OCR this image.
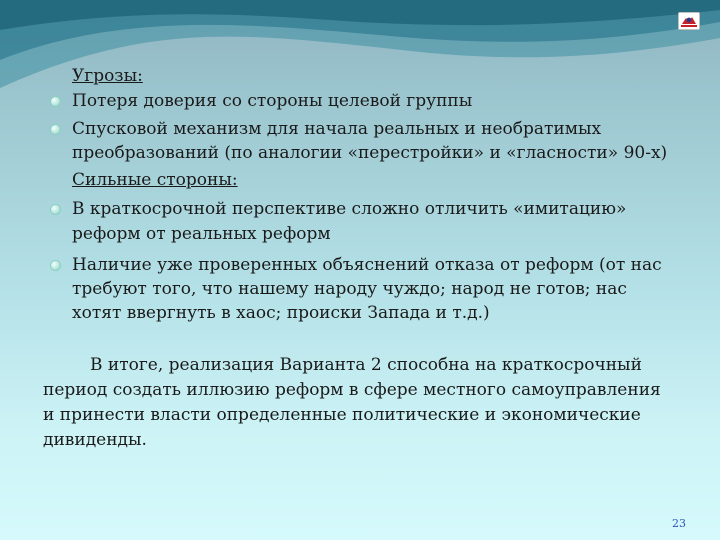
Угрозы:
Потеря доверия со стороны целевой группы
Спусковой механизм для начала реальных и необратимых
преобразований (по аналогии «перестройки» и «гласности» 90-х)
Сильные стороны:
В краткосрочной перспективе сложно отличить «имитацию»
реформ от реальных реформ
Наличие уже проверенных объяснений отказа от реформ (от нас
требуют того, что нашему народу чуждо; народ не готов; нас
хотят ввергнуть в хаос; происки Запада и т.д.)
В итоге, реализация Варианта 2 способна на краткосрочный
период создать иллюзию реформ в сфере местного самоуправления
и принести власти определенные политические и экономические
дивиденды.
23
